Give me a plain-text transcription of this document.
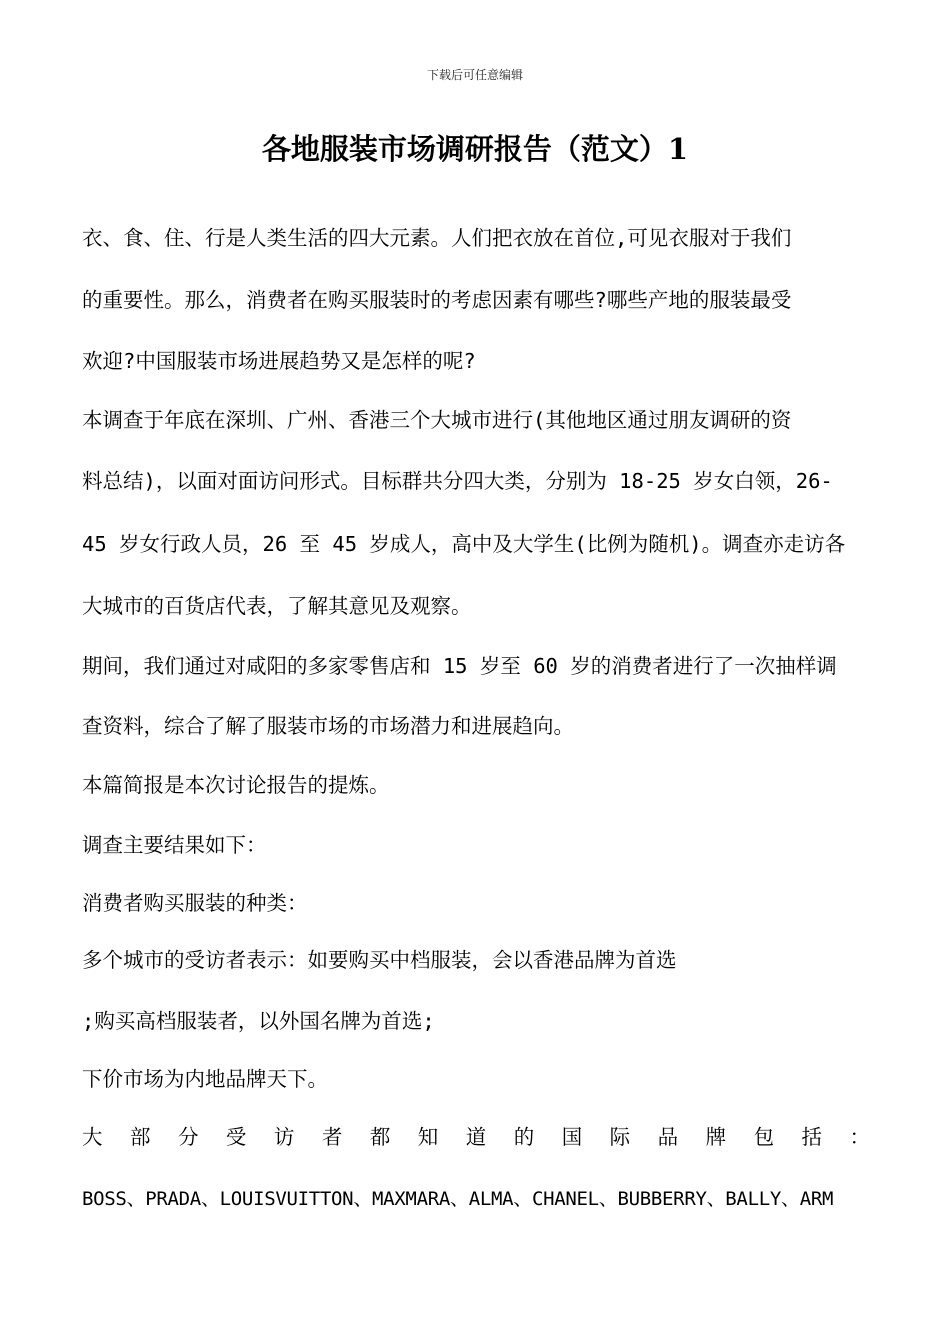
下载后可任意编辑
各地服装市场调研报告（范文）1
衣、食、住、行是人类生活的四大元素。人们把衣放在首位,可见衣服对于我们
的重要性。那么，消费者在购买服装时的考虑因素有哪些?哪些产地的服装最受
欢迎?中国服装市场进展趋势又是怎样的呢?
本调查于年底在深圳、广州、香港三个大城市进行(其他地区通过朋友调研的资
料总结)，以面对面访问形式。目标群共分四大类，分别为 18-25 岁女白领，26-
45 岁女行政人员，26 至 45 岁成人，高中及大学生(比例为随机)。调查亦走访各
大城市的百货店代表，了解其意见及观察。
期间，我们通过对咸阳的多家零售店和 15 岁至 60 岁的消费者进行了一次抽样调
查资料，综合了解了服装市场的市场潜力和进展趋向。
本篇简报是本次讨论报告的提炼。
调查主要结果如下：
消费者购买服装的种类：
多个城市的受访者表示：如要购买中档服装，会以香港品牌为首选
;购买高档服装者，以外国名牌为首选;
下价市场为内地品牌天下。
大 部 分 受 访 者 都 知 道 的 国 际 品 牌 包 括 ：
BOSS、PRADA、LOUISVUITTON、MAXMARA、ALMA、CHANEL、BUBBERRY、BALLY、ARM
